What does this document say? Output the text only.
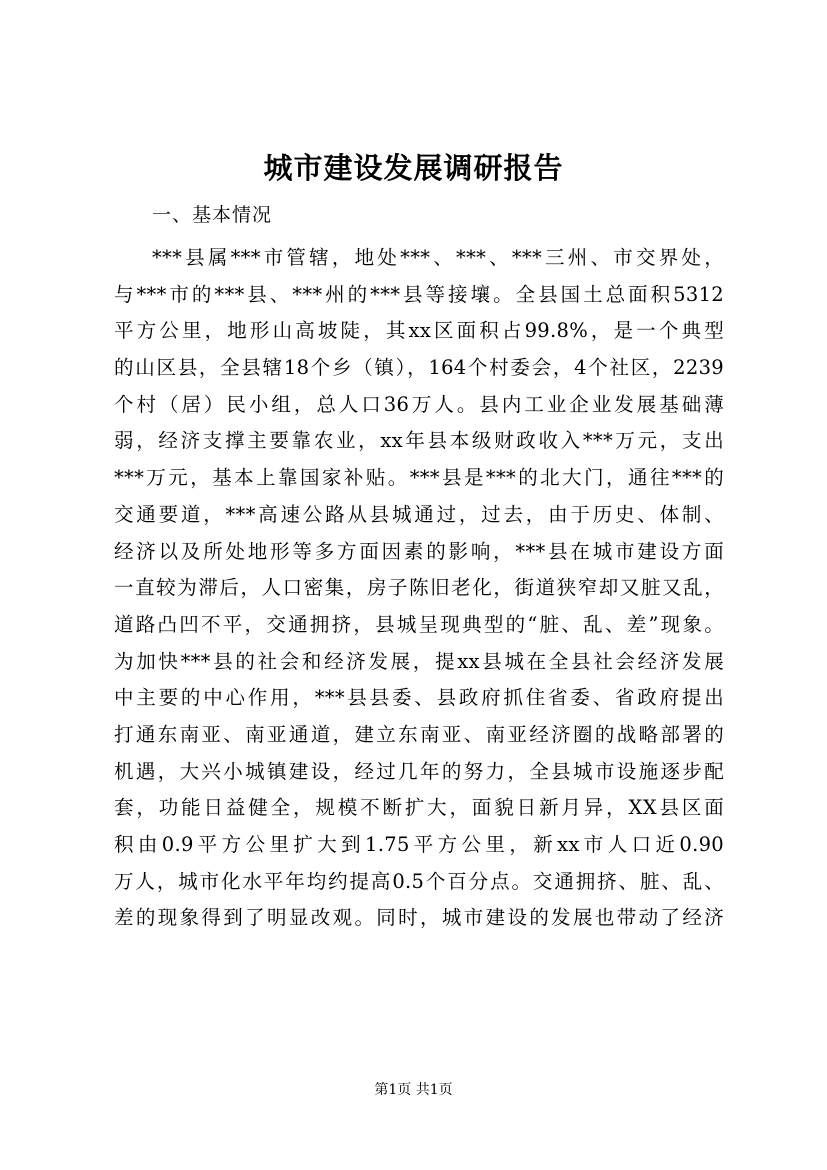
城市建设发展调研报告

一、基本情况

***县属***市管辖，地处***、***、***三州、市交界处，
与***市的***县、***州的***县等接壤。全县国土总面积5312
平方公里，地形山高坡陡，其xx区面积占99.8%，是一个典型
的山区县，全县辖18个乡（镇），164个村委会，4个社区，2239
个村（居）民小组，总人口36万人。县内工业企业发展基础薄
弱，经济支撑主要靠农业，xx年县本级财政收入***万元，支出
***万元，基本上靠国家补贴。***县是***的北大门，通往***的
交通要道，***高速公路从县城通过，过去，由于历史、体制、
经济以及所处地形等多方面因素的影响，***县在城市建设方面
一直较为滞后，人口密集，房子陈旧老化，街道狭窄却又脏又乱，
道路凸凹不平，交通拥挤，县城呈现典型的“脏、乱、差”现象。
为加快***县的社会和经济发展，提xx县城在全县社会经济发展
中主要的中心作用，***县县委、县政府抓住省委、省政府提出
打通东南亚、南亚通道，建立东南亚、南亚经济圈的战略部署的
机遇，大兴小城镇建设，经过几年的努力，全县城市设施逐步配
套，功能日益健全，规模不断扩大，面貌日新月异，XX县区面
积由0.9平方公里扩大到1.75平方公里，新xx市人口近0.90
万人，城市化水平年均约提高0.5个百分点。交通拥挤、脏、乱、
差的现象得到了明显改观。同时，城市建设的发展也带动了经济

第1页 共1页
